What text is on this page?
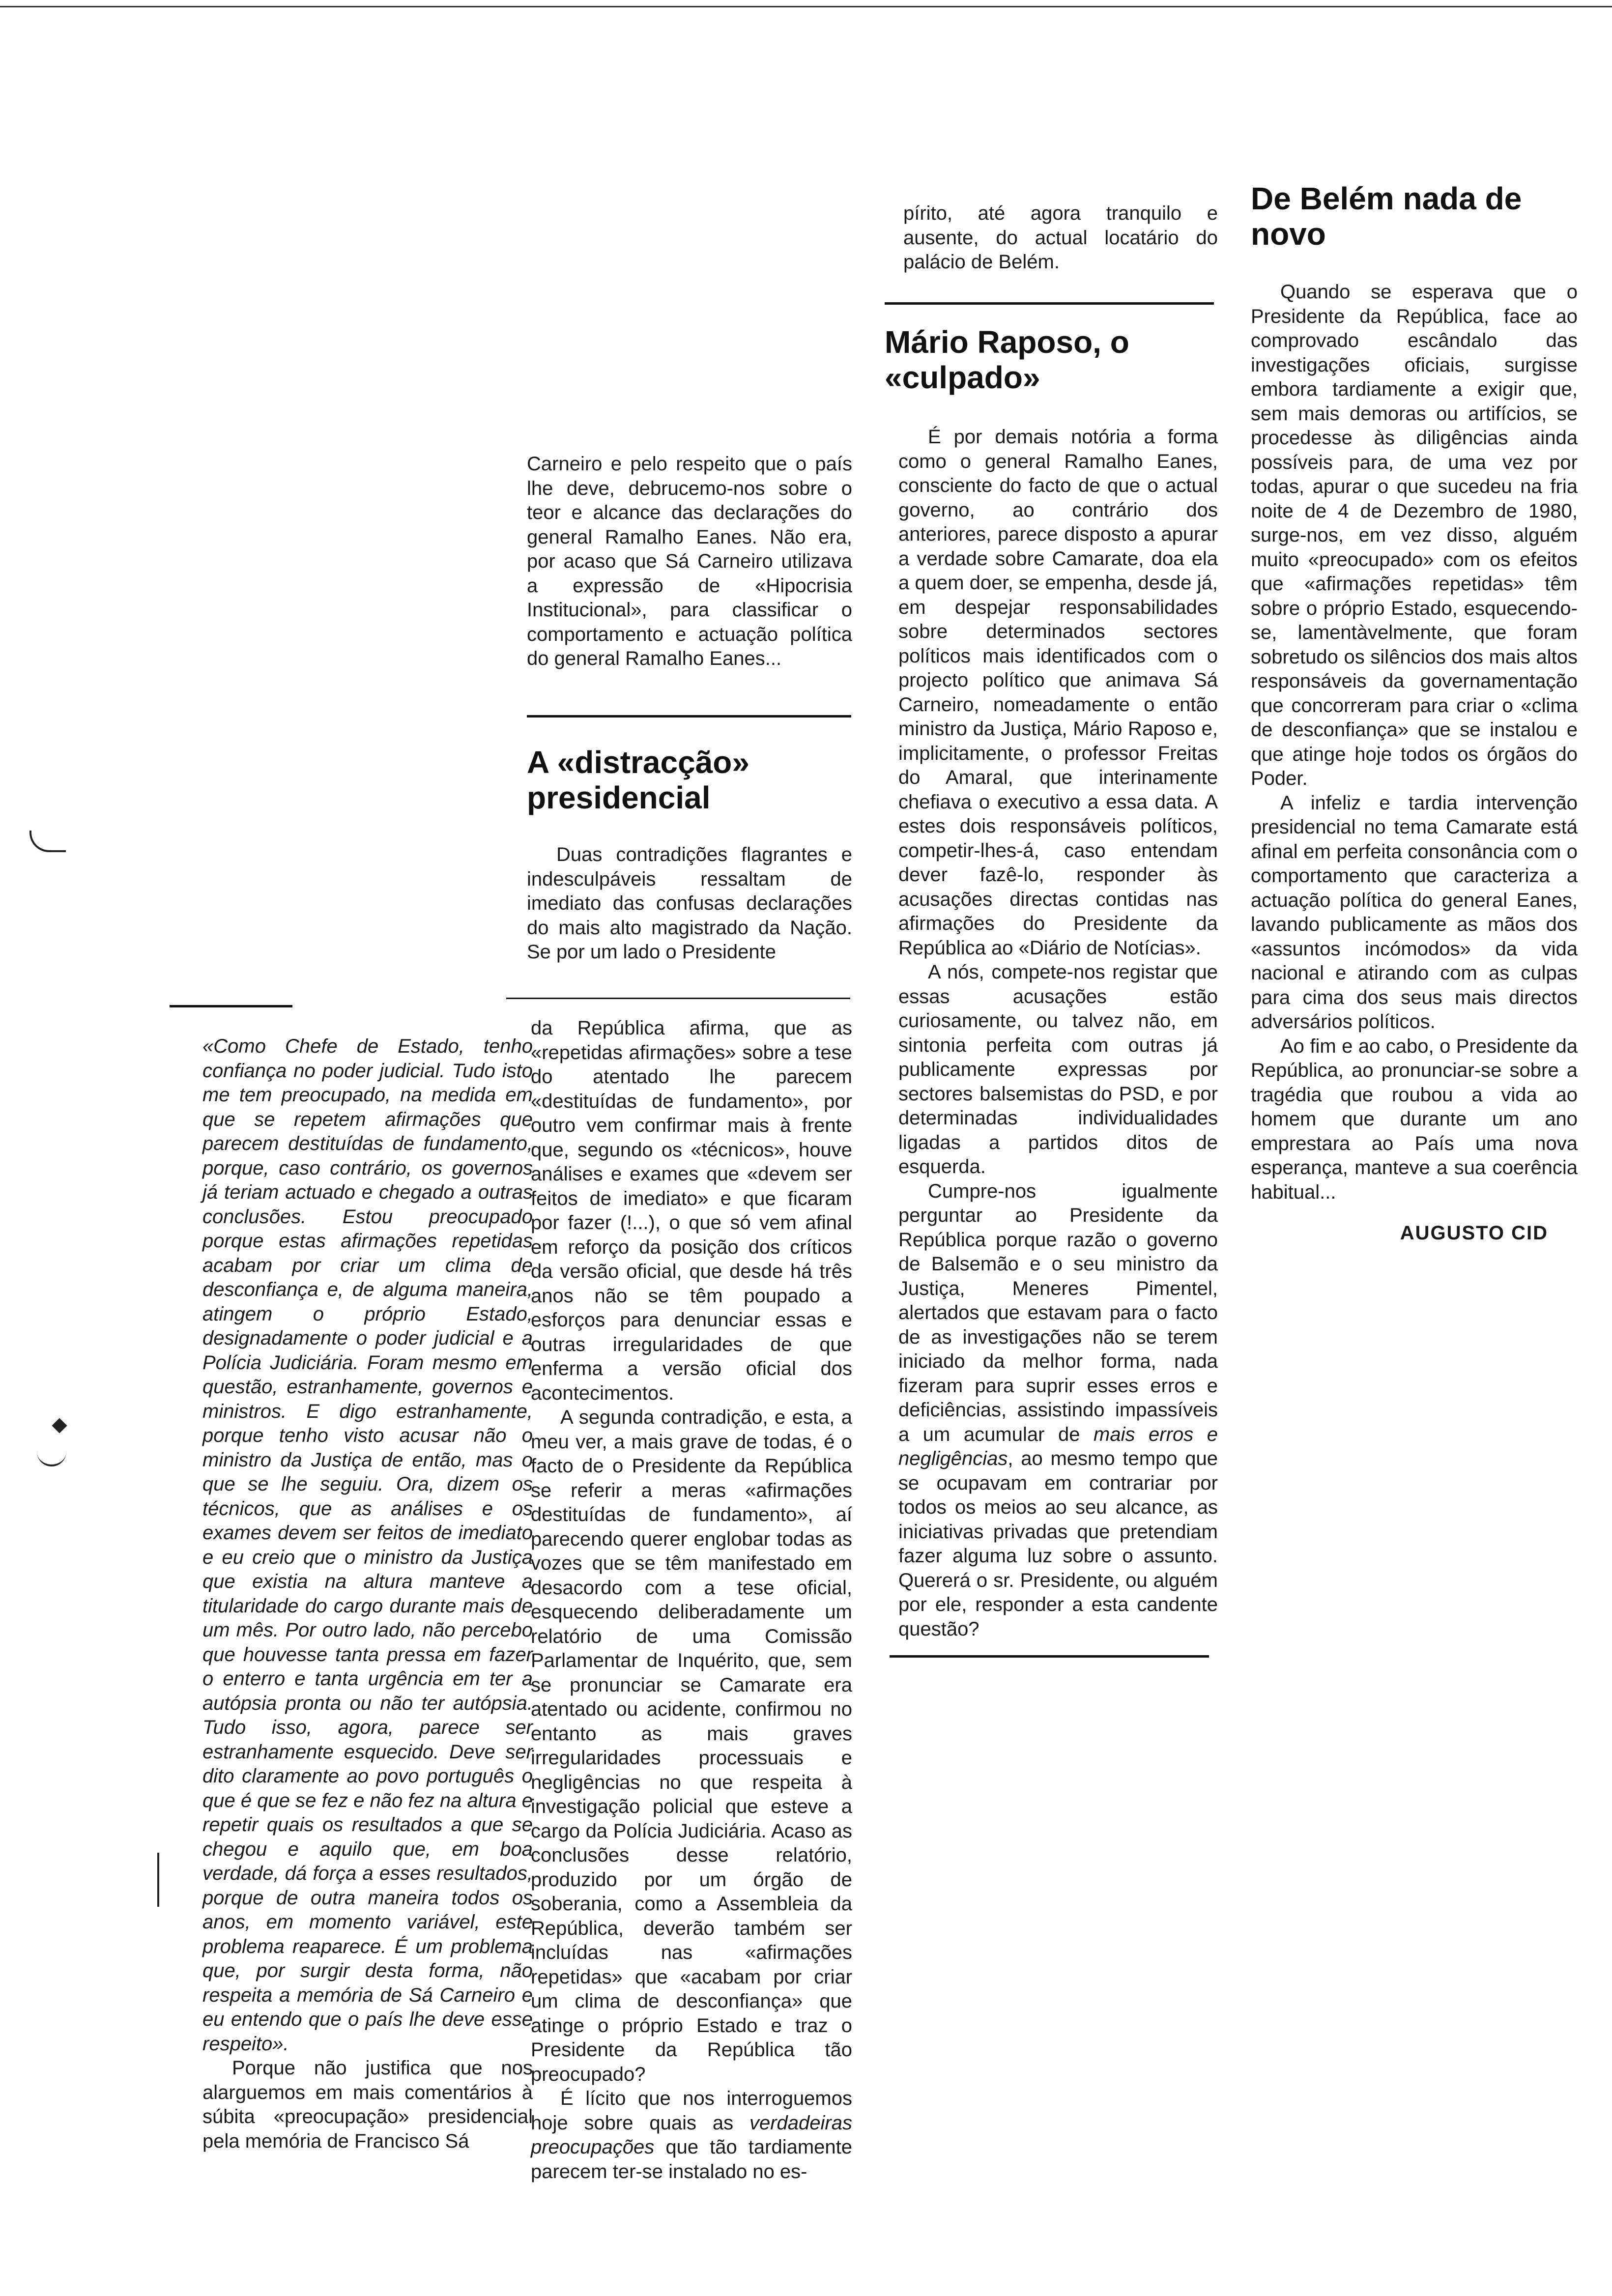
«Como Chefe de Estado, tenho confiança no poder judicial. Tudo isto me tem preocupado, na medida em que se repetem afirmações que parecem destituídas de fundamento, porque, caso contrário, os governos já teriam actuado e chegado a outras conclusões. Estou preocupado porque estas afirmações repetidas acabam por criar um clima de desconfiança e, de alguma maneira, atingem o próprio Estado, designadamente o poder judicial e a Polícia Judiciária. Foram mesmo em questão, estranhamente, governos e ministros. E digo estranhamente, porque tenho visto acusar não o ministro da Justiça de então, mas o que se lhe seguiu. Ora, dizem os técnicos, que as análises e os exames devem ser feitos de imediato e eu creio que o ministro da Justiça que existia na altura manteve a titularidade do cargo durante mais de um mês. Por outro lado, não percebo que houvesse tanta pressa em fazer o enterro e tanta urgência em ter a autópsia pronta ou não ter autópsia. Tudo isso, agora, parece ser estranhamente esquecido. Deve ser dito claramente ao povo português o que é que se fez e não fez na altura e repetir quais os resultados a que se chegou e aquilo que, em boa verdade, dá força a esses resultados, porque de outra maneira todos os anos, em momento variável, este problema reaparece. É um problema que, por surgir desta forma, não respeita a memória de Sá Carneiro e eu entendo que o país lhe deve esse respeito».

Porque não justifica que nos alarguemos em mais comentários à súbita «preocupação» presidencial pela memória de Francisco Sá

Carneiro e pelo respeito que o país lhe deve, debrucemo-nos sobre o teor e alcance das declarações do general Ramalho Eanes. Não era, por acaso que Sá Carneiro utilizava a expressão de «Hipocrisia Institucional», para classificar o comportamento e actuação política do general Ramalho Eanes...

A «distracção» presidencial

Duas contradições flagrantes e indesculpáveis ressaltam de imediato das confusas declarações do mais alto magistrado da Nação. Se por um lado o Presidente

da República afirma, que as «repetidas afirmações» sobre a tese do atentado lhe parecem «destituídas de fundamento», por outro vem confirmar mais à frente que, segundo os «técnicos», houve análises e exames que «devem ser feitos de imediato» e que ficaram por fazer (!...), o que só vem afinal em reforço da posição dos críticos da versão oficial, que desde há três anos não se têm poupado a esforços para denunciar essas e outras irregularidades de que enferma a versão oficial dos acontecimentos.

A segunda contradição, e esta, a meu ver, a mais grave de todas, é o facto de o Presidente da República se referir a meras «afirmações destituídas de fundamento», aí parecendo querer englobar todas as vozes que se têm manifestado em desacordo com a tese oficial, esquecendo deliberadamente um relatório de uma Comissão Parlamentar de Inquérito, que, sem se pronunciar se Camarate era atentado ou acidente, confirmou no entanto as mais graves irregularidades processuais e negligências no que respeita à investigação policial que esteve a cargo da Polícia Judiciária. Acaso as conclusões desse relatório, produzido por um órgão de soberania, como a Assembleia da República, deverão também ser incluídas nas «afirmações repetidas» que «acabam por criar um clima de desconfiança» que atinge o próprio Estado e traz o Presidente da República tão preocupado?

É lícito que nos interroguemos hoje sobre quais as verdadeiras preocupações que tão tardiamente parecem ter-se instalado no es-

pírito, até agora tranquilo e ausente, do actual locatário do palácio de Belém.

Mário Raposo, o «culpado»

É por demais notória a forma como o general Ramalho Eanes, consciente do facto de que o actual governo, ao contrário dos anteriores, parece disposto a apurar a verdade sobre Camarate, doa ela a quem doer, se empenha, desde já, em despejar responsabilidades sobre determinados sectores políticos mais identificados com o projecto político que animava Sá Carneiro, nomeadamente o então ministro da Justiça, Mário Raposo e, implicitamente, o professor Freitas do Amaral, que interinamente chefiava o executivo a essa data. A estes dois responsáveis políticos, competir-lhes-á, caso entendam dever fazê-lo, responder às acusações directas contidas nas afirmações do Presidente da República ao «Diário de Notícias».

A nós, compete-nos registar que essas acusações estão curiosamente, ou talvez não, em sintonia perfeita com outras já publicamente expressas por sectores balsemistas do PSD, e por determinadas individualidades ligadas a partidos ditos de esquerda.

Cumpre-nos igualmente perguntar ao Presidente da República porque razão o governo de Balsemão e o seu ministro da Justiça, Meneres Pimentel, alertados que estavam para o facto de as investigações não se terem iniciado da melhor forma, nada fizeram para suprir esses erros e deficiências, assistindo impassíveis a um acumular de mais erros e negligências, ao mesmo tempo que se ocupavam em contrariar por todos os meios ao seu alcance, as iniciativas privadas que pretendiam fazer alguma luz sobre o assunto. Quererá o sr. Presidente, ou alguém por ele, responder a esta candente questão?

De Belém nada de novo

Quando se esperava que o Presidente da República, face ao comprovado escândalo das investigações oficiais, surgisse embora tardiamente a exigir que, sem mais demoras ou artifícios, se procedesse às diligências ainda possíveis para, de uma vez por todas, apurar o que sucedeu na fria noite de 4 de Dezembro de 1980, surge-nos, em vez disso, alguém muito «preocupado» com os efeitos que «afirmações repetidas» têm sobre o próprio Estado, esquecendo-se, lamentàvelmente, que foram sobretudo os silêncios dos mais altos responsáveis da governamentação que concorreram para criar o «clima de desconfiança» que se instalou e que atinge hoje todos os órgãos do Poder.

A infeliz e tardia intervenção presidencial no tema Camarate está afinal em perfeita consonância com o comportamento que caracteriza a actuação política do general Eanes, lavando publicamente as mãos dos «assuntos incómodos» da vida nacional e atirando com as culpas para cima dos seus mais directos adversários políticos.

Ao fim e ao cabo, o Presidente da República, ao pronunciar-se sobre a tragédia que roubou a vida ao homem que durante um ano emprestara ao País uma nova esperança, manteve a sua coerência habitual...

AUGUSTO CID
